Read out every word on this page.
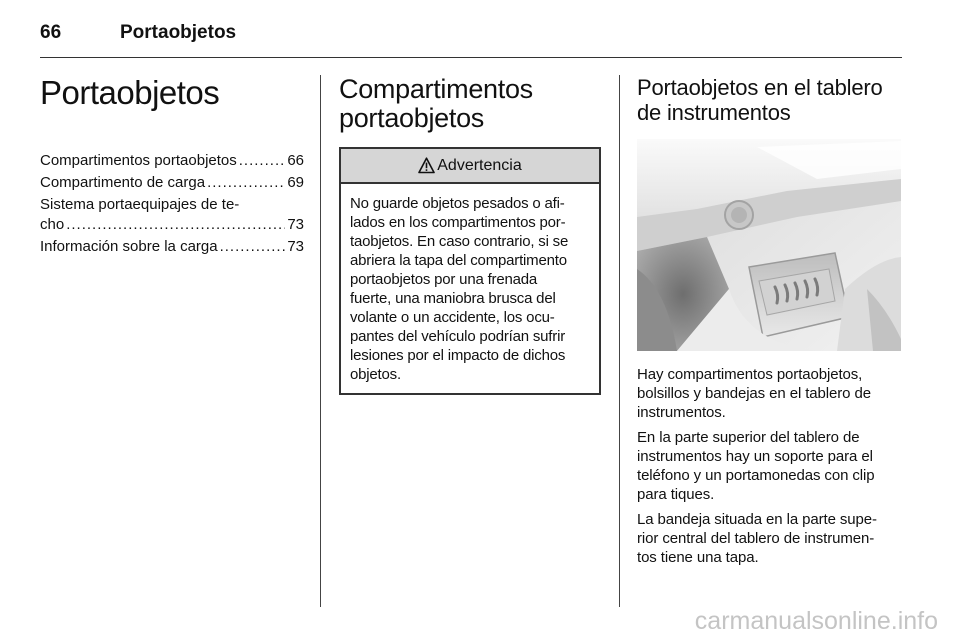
66	Portaobjetos
Portaobjetos
Compartimentos portaobjetos .....	66
Compartimento de carga .....	69
Sistema portaequipajes de te-
cho .....	73
Información sobre la carga .....	73
Compartimentos
portaobjetos
Advertencia
No guarde objetos pesados o afi-
lados en los compartimentos por-
taobjetos. En caso contrario, si se
abriera la tapa del compartimento
portaobjetos por una frenada
fuerte, una maniobra brusca del
volante o un accidente, los ocu-
pantes del vehículo podrían sufrir
lesiones por el impacto de dichos
objetos.
Portaobjetos en el tablero
de instrumentos
Hay compartimentos portaobjetos,
bolsillos y bandejas en el tablero de
instrumentos.
En la parte superior del tablero de
instrumentos hay un soporte para el
teléfono y un portamonedas con clip
para tiques.
La bandeja situada en la parte supe-
rior central del tablero de instrumen-
tos tiene una tapa.
carmanualsonline.info
